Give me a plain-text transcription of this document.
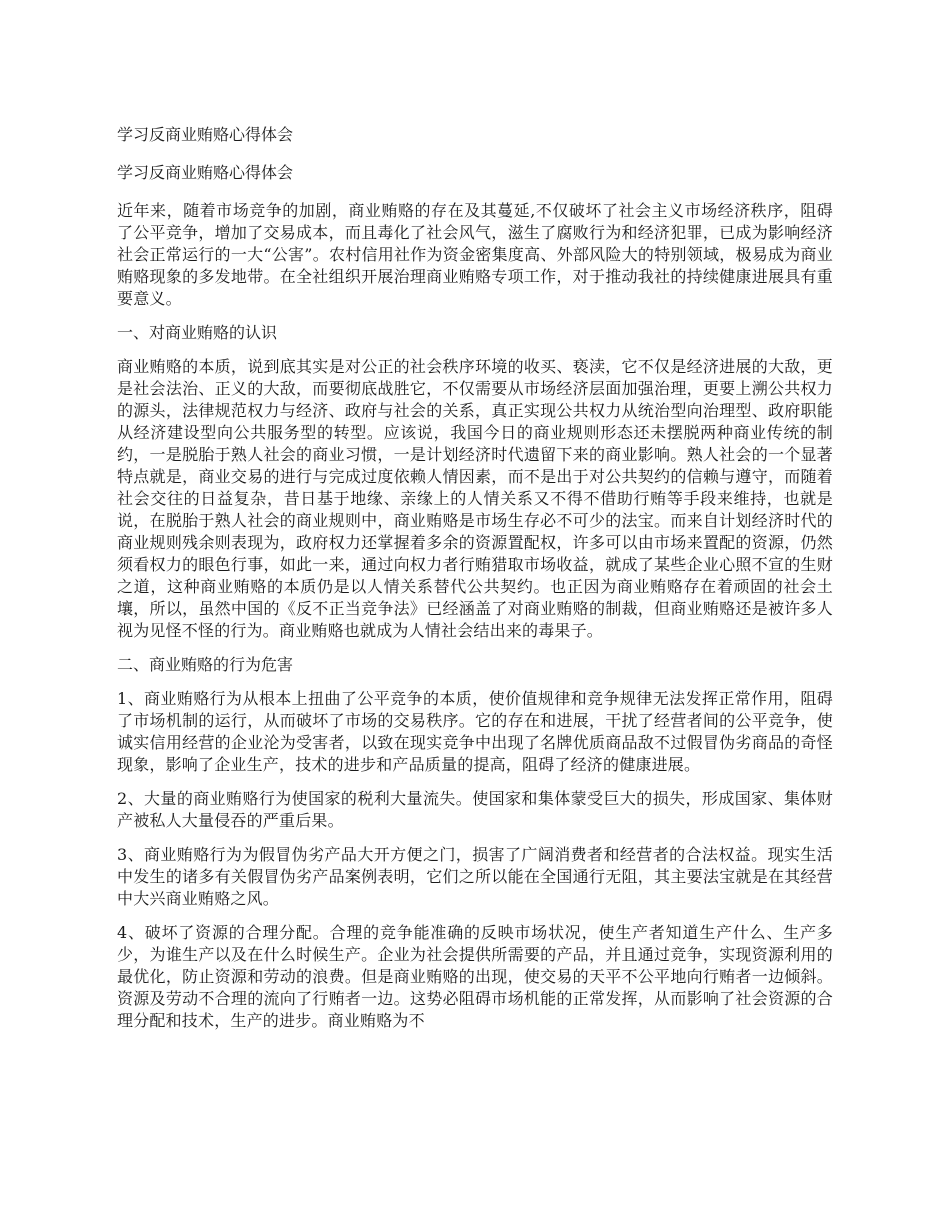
学习反商业贿赂心得体会
学习反商业贿赂心得体会

近年来，随着市场竞争的加剧，商业贿赂的存在及其蔓延,不仅破坏了社会主义市场经济秩序，阻碍了公平竞争，增加了交易成本，而且毒化了社会风气，滋生了腐败行为和经济犯罪，已成为影响经济社会正常运行的一大“公害”。农村信用社作为资金密集度高、外部风险大的特别领域，极易成为商业贿赂现象的多发地带。在全社组织开展治理商业贿赂专项工作，对于推动我社的持续健康进展具有重要意义。

一、对商业贿赂的认识

商业贿赂的本质，说到底其实是对公正的社会秩序环境的收买、亵渎，它不仅是经济进展的大敌，更是社会法治、正义的大敌，而要彻底战胜它，不仅需要从市场经济层面加强治理，更要上溯公共权力的源头，法律规范权力与经济、政府与社会的关系，真正实现公共权力从统治型向治理型、政府职能从经济建设型向公共服务型的转型。应该说，我国今日的商业规则形态还未摆脱两种商业传统的制约，一是脱胎于熟人社会的商业习惯，一是计划经济时代遗留下来的商业影响。熟人社会的一个显著特点就是，商业交易的进行与完成过度依赖人情因素，而不是出于对公共契约的信赖与遵守，而随着社会交往的日益复杂，昔日基于地缘、亲缘上的人情关系又不得不借助行贿等手段来维持，也就是说，在脱胎于熟人社会的商业规则中，商业贿赂是市场生存必不可少的法宝。而来自计划经济时代的商业规则残余则表现为，政府权力还掌握着多余的资源置配权，许多可以由市场来置配的资源，仍然须看权力的眼色行事，如此一来，通过向权力者行贿猎取市场收益，就成了某些企业心照不宣的生财之道，这种商业贿赂的本质仍是以人情关系替代公共契约。也正因为商业贿赂存在着顽固的社会土壤，所以，虽然中国的《反不正当竞争法》已经涵盖了对商业贿赂的制裁，但商业贿赂还是被许多人视为见怪不怪的行为。商业贿赂也就成为人情社会结出来的毒果子。

二、商业贿赂的行为危害

1、商业贿赂行为从根本上扭曲了公平竞争的本质，使价值规律和竞争规律无法发挥正常作用，阻碍了市场机制的运行，从而破坏了市场的交易秩序。它的存在和进展，干扰了经营者间的公平竞争，使诚实信用经营的企业沦为受害者，以致在现实竞争中出现了名牌优质商品敌不过假冒伪劣商品的奇怪现象，影响了企业生产，技术的进步和产品质量的提高，阻碍了经济的健康进展。

2、大量的商业贿赂行为使国家的税利大量流失。使国家和集体蒙受巨大的损失，形成国家、集体财产被私人大量侵吞的严重后果。

3、商业贿赂行为为假冒伪劣产品大开方便之门，损害了广阔消费者和经营者的合法权益。现实生活中发生的诸多有关假冒伪劣产品案例表明，它们之所以能在全国通行无阻，其主要法宝就是在其经营中大兴商业贿赂之风。

4、破坏了资源的合理分配。合理的竞争能准确的反映市场状况，使生产者知道生产什么、生产多少，为谁生产以及在什么时候生产。企业为社会提供所需要的产品，并且通过竞争，实现资源利用的最优化，防止资源和劳动的浪费。但是商业贿赂的出现，使交易的天平不公平地向行贿者一边倾斜。资源及劳动不合理的流向了行贿者一边。这势必阻碍市场机能的正常发挥，从而影响了社会资源的合理分配和技术，生产的进步。商业贿赂为不
